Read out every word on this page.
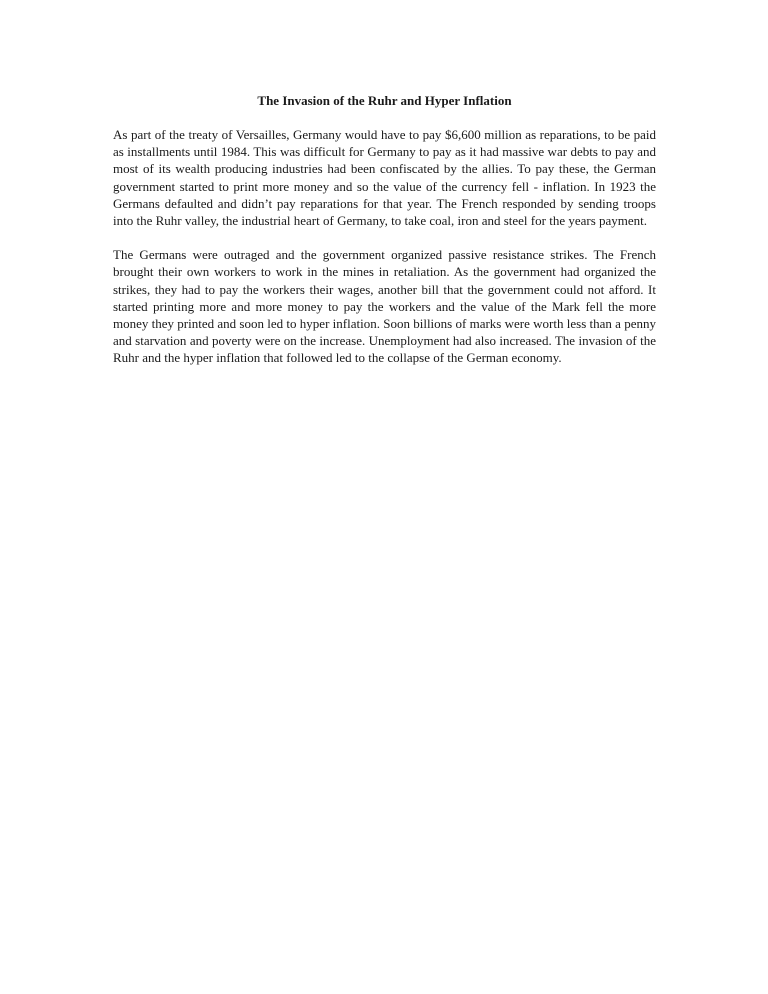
The Invasion of the Ruhr and Hyper Inflation

As part of the treaty of Versailles, Germany would have to pay $6,600 million as reparations, to be paid as installments until 1984. This was difficult for Germany to pay as it had massive war debts to pay and most of its wealth producing industries had been confiscated by the allies. To pay these, the German government started to print more money and so the value of the currency fell - inflation. In 1923 the Germans defaulted and didn’t pay reparations for that year. The French responded by sending troops into the Ruhr valley, the industrial heart of Germany, to take coal, iron and steel for the years payment.

The Germans were outraged and the government organized passive resistance strikes. The French brought their own workers to work in the mines in retaliation. As the government had organized the strikes, they had to pay the workers their wages, another bill that the government could not afford. It started printing more and more money to pay the workers and the value of the Mark fell the more money they printed and soon led to hyper inflation. Soon billions of marks were worth less than a penny and starvation and poverty were on the increase. Unemployment had also increased. The invasion of the Ruhr and the hyper inflation that followed led to the collapse of the German economy.
